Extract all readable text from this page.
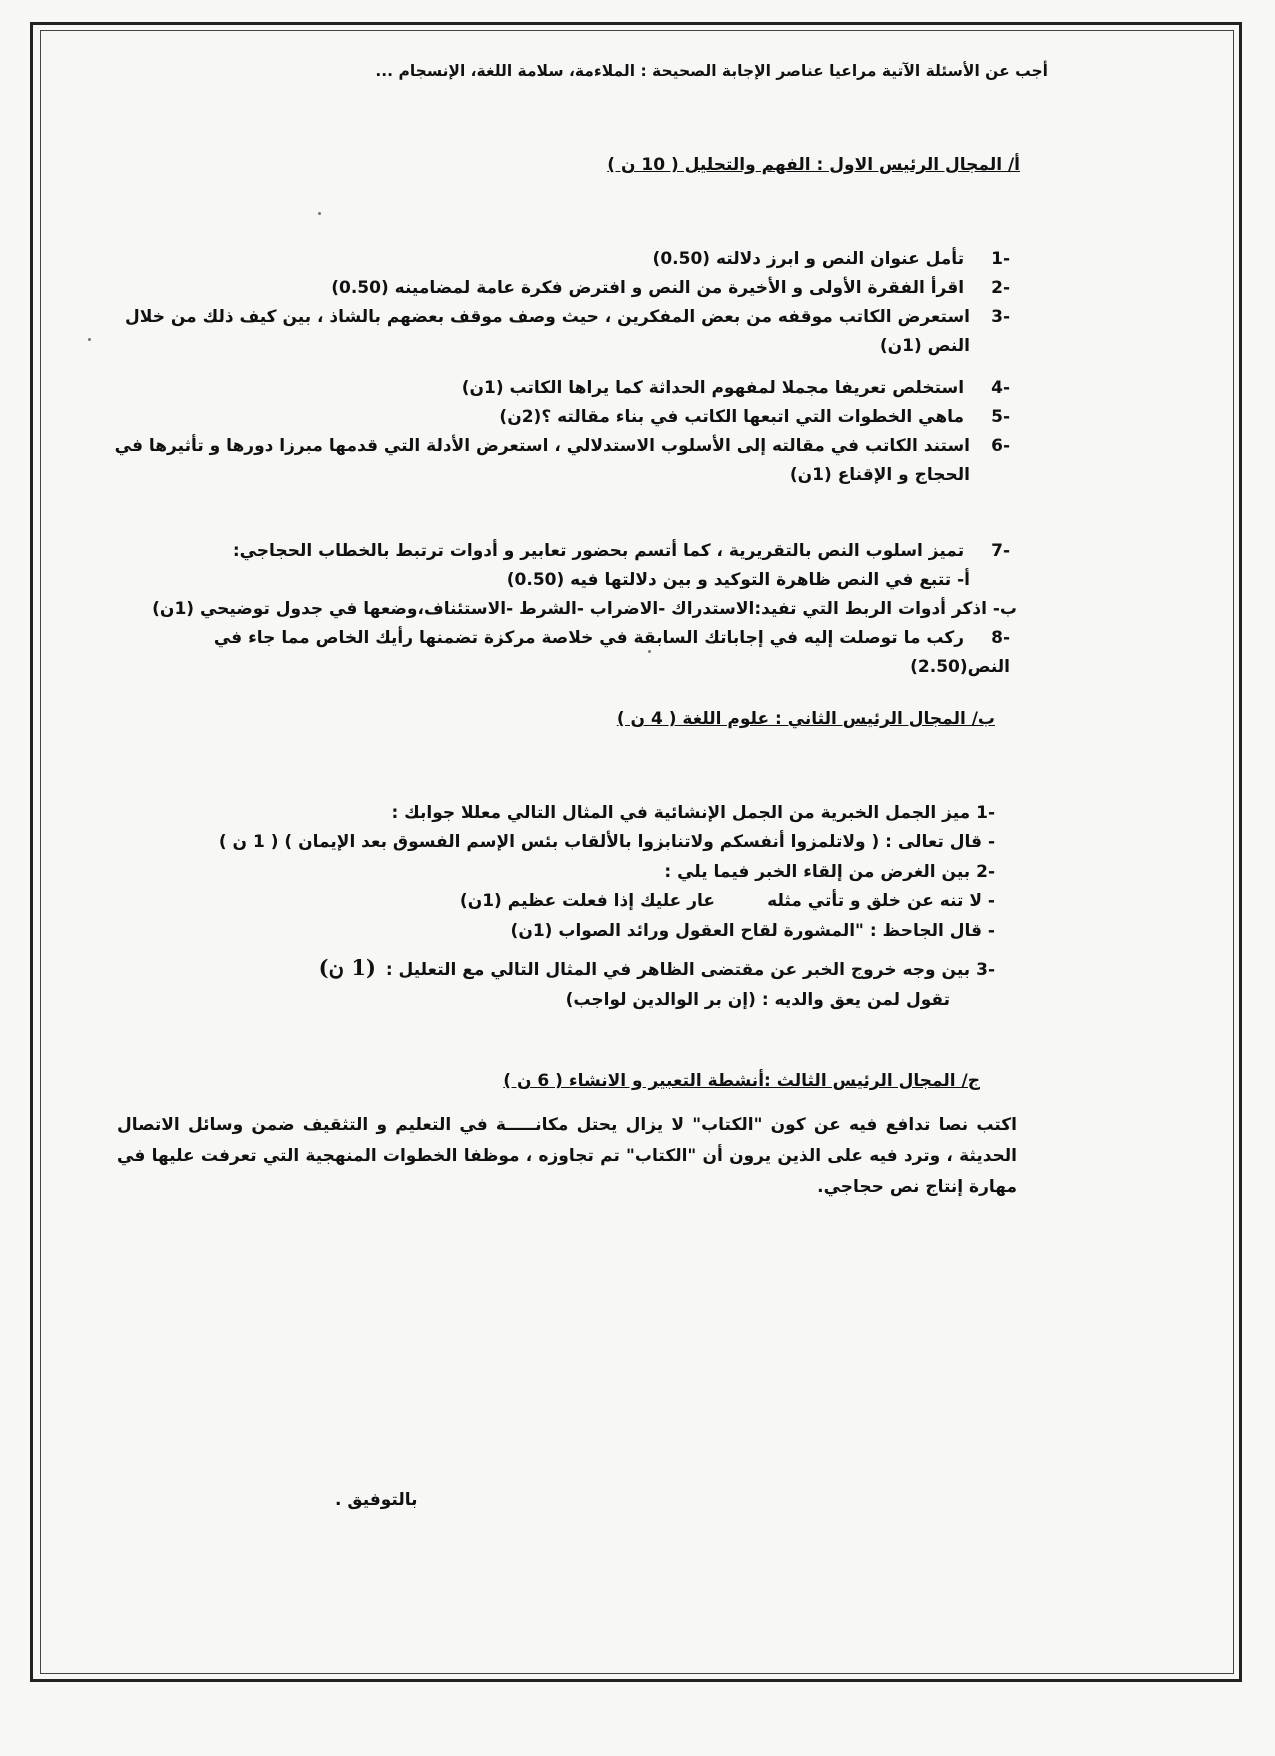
أجب عن الأسئلة الآتية مراعيا عناصر الإجابة الصحيحة : الملاءمة، سلامة اللغة، الإنسجام ...
أ/ المجال الرئيس الاول : الفهم والتحليل ( 10 ن )
-1 تأمل عنوان النص و ابرز دلالته (0.50)
-2 اقرأ الفقرة الأولى و الأخيرة من النص و افترض فكرة عامة لمضامينه (0.50)
-3
استعرض الكاتب موقفه من بعض المفكرين ، حيث وصف موقف بعضهم بالشاذ ، بين كيف ذلك من خلال النص (1ن)
-4 استخلص تعريفا مجملا لمفهوم الحداثة كما يراها الكاتب (1ن)
-5 ماهي الخطوات التي اتبعها الكاتب في بناء مقالته ؟(2ن)
-6
استند الكاتب في مقالته إلى الأسلوب الاستدلالي ، استعرض الأدلة التي قدمها مبرزا دورها و تأثيرها في الحجاج و الإقناع (1ن)
-7 تميز اسلوب النص بالتقريرية ، كما أتسم بحضور تعابير و أدوات ترتبط بالخطاب الحجاجي:
أ- تتبع في النص ظاهرة التوكيد و بين دلالتها فيه (0.50)
ب- اذكر أدوات الربط التي تفيد:الاستدراك -الاضراب -الشرط -الاستئناف،وضعها في جدول توضيحي (1ن)
-8 ركب ما توصلت إليه في إجاباتك السابقة في خلاصة مركزة تضمنها رأيك الخاص مما جاء في النص(2.50)
ب/ المجال الرئيس الثاني : علوم اللغة ( 4 ن )
-1 ميز الجمل الخبرية من الجمل الإنشائية في المثال التالي معللا جوابك :
- قال تعالى : ( ولاتلمزوا أنفسكم ولاتنابزوا بالألقاب بئس الإسم الفسوق بعد الإيمان ) ( 1 ن )
-2 بين الغرض من إلقاء الخبر فيما يلي :
- لا تنه عن خلق و تأتي مثله
عار عليك إذا فعلت عظيم (1ن)
- قال الجاحظ : "المشورة لقاح العقول ورائد الصواب (1ن)
-3 بين وجه خروج الخبر عن مقتضى الظاهر في المثال التالي مع التعليل : (1 ن)
تقول لمن يعق والديه : (إن بر الوالدين لواجب)
ج/ المجال الرئيس الثالث :أنشطة التعبير و الانشاء ( 6 ن )
اكتب نصا تدافع فيه عن كون "الكتاب" لا يزال يحتل مكانـــــة في التعليم و التثقيف ضمن وسائل الاتصال الحديثة ، وترد فيه على الذين يرون أن "الكتاب" تم تجاوزه ، موظفا الخطوات المنهجية التي تعرفت عليها في مهارة إنتاج نص حجاجي.
بالتوفيق .
